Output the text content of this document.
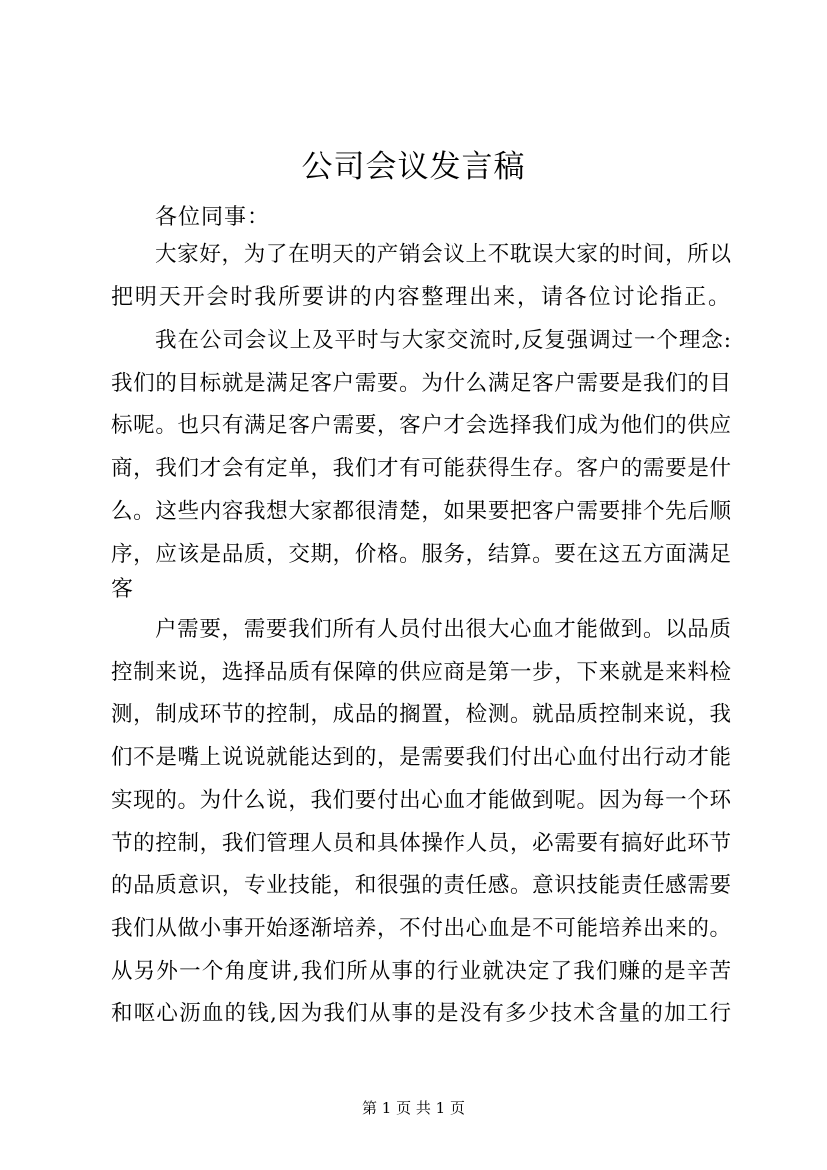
公司会议发言稿
各位同事：
大家好，为了在明天的产销会议上不耽误大家的时间，所以
把明天开会时我所要讲的内容整理出来，请各位讨论指正。
我在公司会议上及平时与大家交流时,反复强调过一个理念:
我们的目标就是满足客户需要。为什么满足客户需要是我们的目
标呢。也只有满足客户需要，客户才会选择我们成为他们的供应
商，我们才会有定单，我们才有可能获得生存。客户的需要是什
么。这些内容我想大家都很清楚，如果要把客户需要排个先后顺
序，应该是品质，交期，价格。服务，结算。要在这五方面满足
客
户需要，需要我们所有人员付出很大心血才能做到。以品质
控制来说，选择品质有保障的供应商是第一步，下来就是来料检
测，制成环节的控制，成品的搁置，检测。就品质控制来说，我
们不是嘴上说说就能达到的，是需要我们付出心血付出行动才能
实现的。为什么说，我们要付出心血才能做到呢。因为每一个环
节的控制，我们管理人员和具体操作人员，必需要有搞好此环节
的品质意识，专业技能，和很强的责任感。意识技能责任感需要
我们从做小事开始逐渐培养，不付出心血是不可能培养出来的。
从另外一个角度讲,我们所从事的行业就决定了我们赚的是辛苦
和呕心沥血的钱,因为我们从事的是没有多少技术含量的加工行
第 1 页 共 1 页
